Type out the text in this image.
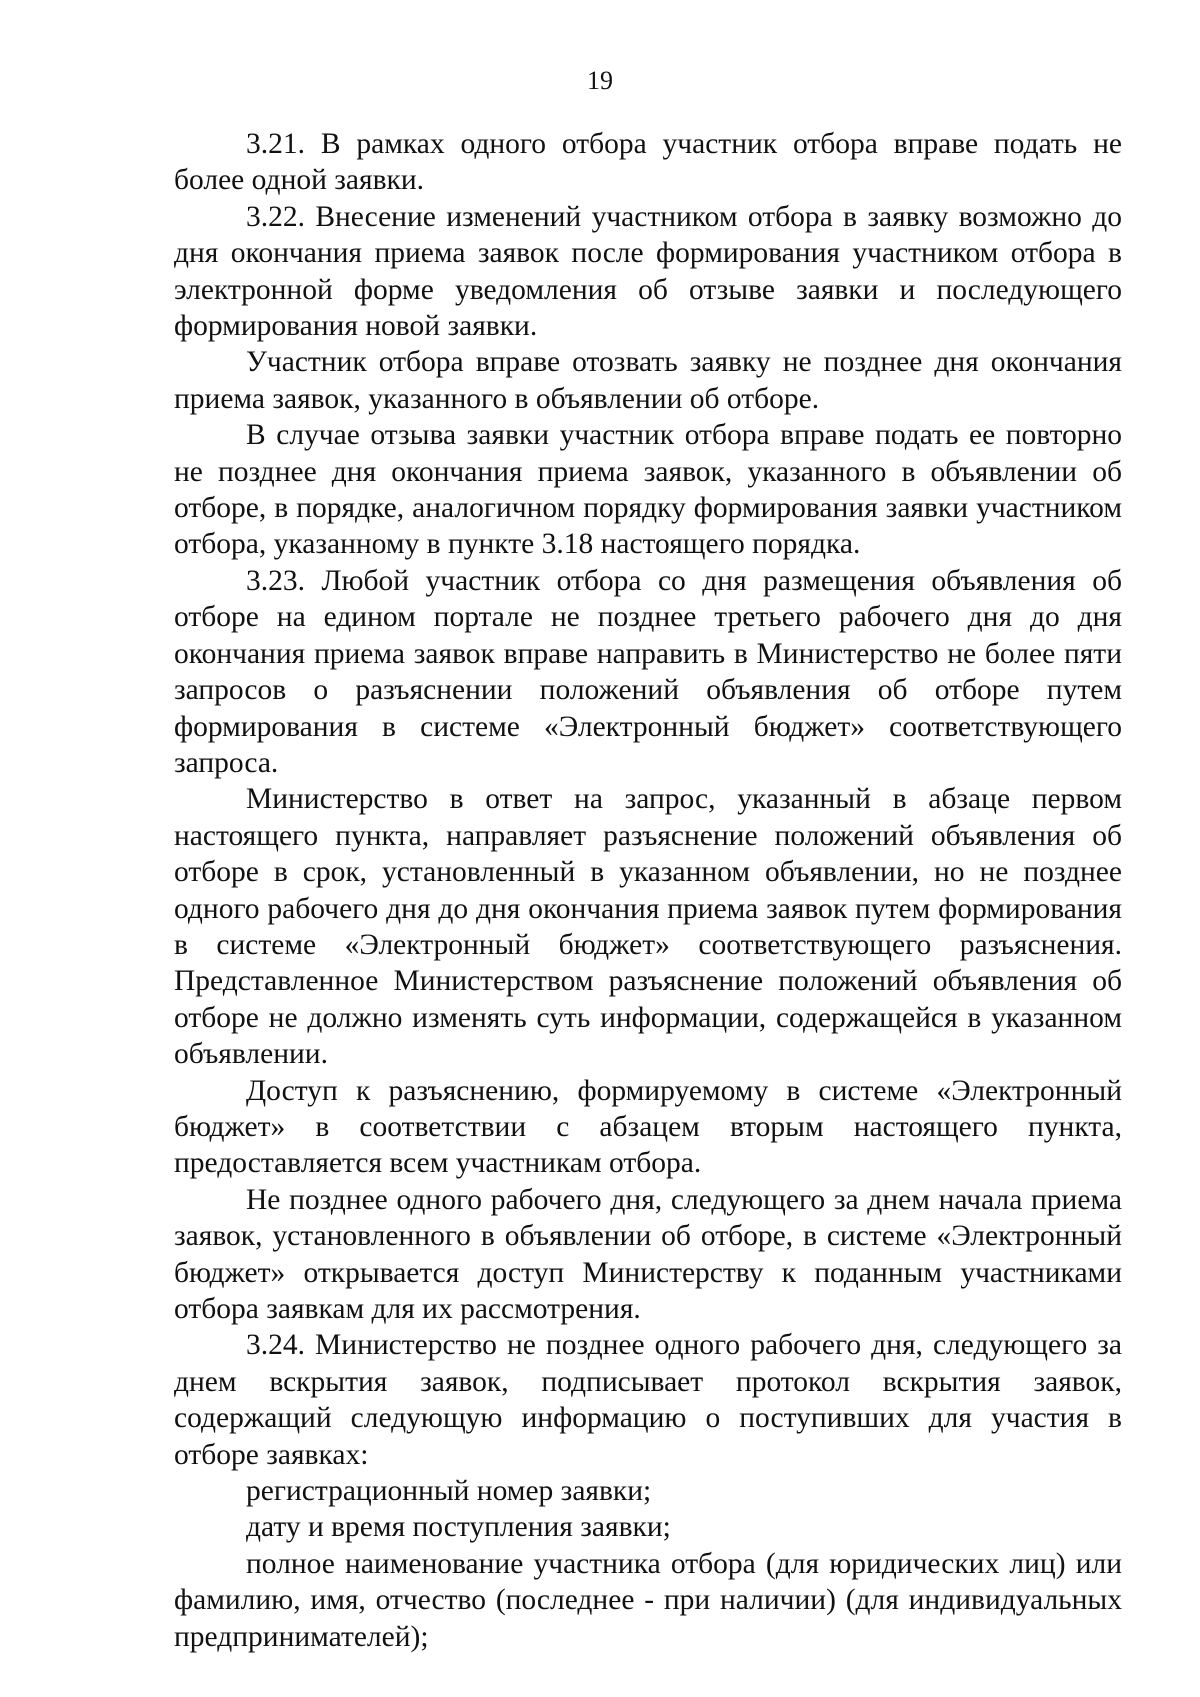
19

3.21. В рамках одного отбора участник отбора вправе подать не более одной заявки.

3.22. Внесение изменений участником отбора в заявку возможно до дня окончания приема заявок после формирования участником отбора в электронной форме уведомления об отзыве заявки и последующего формирования новой заявки.

Участник отбора вправе отозвать заявку не позднее дня окончания приема заявок, указанного в объявлении об отборе.

В случае отзыва заявки участник отбора вправе подать ее повторно не позднее дня окончания приема заявок, указанного в объявлении об отборе, в порядке, аналогичном порядку формирования заявки участником отбора, указанному в пункте 3.18 настоящего порядка.

3.23. Любой участник отбора со дня размещения объявления об отборе на едином портале не позднее третьего рабочего дня до дня окончания приема заявок вправе направить в Министерство не более пяти запросов о разъяснении положений объявления об отборе путем формирования в системе «Электронный бюджет» соответствующего запроса.

Министерство в ответ на запрос, указанный в абзаце первом настоящего пункта, направляет разъяснение положений объявления об отборе в срок, установленный в указанном объявлении, но не позднее одного рабочего дня до дня окончания приема заявок путем формирования в системе «Электронный бюджет» соответствующего разъяснения. Представленное Министерством разъяснение положений объявления об отборе не должно изменять суть информации, содержащейся в указанном объявлении.

Доступ к разъяснению, формируемому в системе «Электронный бюджет» в соответствии с абзацем вторым настоящего пункта, предоставляется всем участникам отбора.

Не позднее одного рабочего дня, следующего за днем начала приема заявок, установленного в объявлении об отборе, в системе «Электронный бюджет» открывается доступ Министерству к поданным участниками отбора заявкам для их рассмотрения.

3.24. Министерство не позднее одного рабочего дня, следующего за днем вскрытия заявок, подписывает протокол вскрытия заявок, содержащий следующую информацию о поступивших для участия в отборе заявках:

регистрационный номер заявки;

дату и время поступления заявки;

полное наименование участника отбора (для юридических лиц) или фамилию, имя, отчество (последнее - при наличии) (для индивидуальных предпринимателей);
